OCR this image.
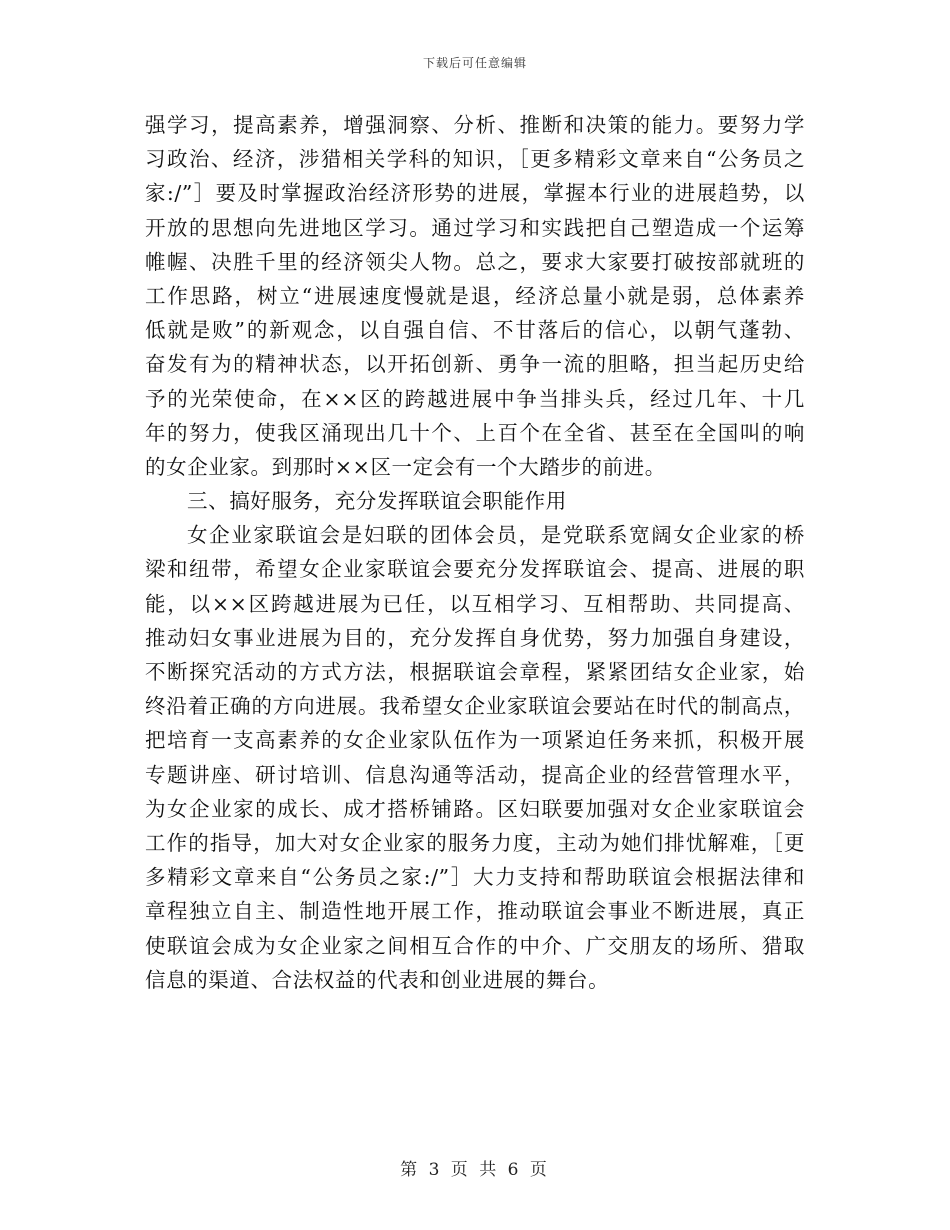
下载后可任意编辑
强学习，提高素养，增强洞察、分析、推断和决策的能力。要努力学
习政治、经济，涉猎相关学科的知识，［更多精彩文章来自“公务员之
家:/”］要及时掌握政治经济形势的进展，掌握本行业的进展趋势，以
开放的思想向先进地区学习。通过学习和实践把自己塑造成一个运筹
帷幄、决胜千里的经济领尖人物。总之，要求大家要打破按部就班的
工作思路，树立“进展速度慢就是退，经济总量小就是弱，总体素养
低就是败”的新观念，以自强自信、不甘落后的信心，以朝气蓬勃、
奋发有为的精神状态，以开拓创新、勇争一流的胆略，担当起历史给
予的光荣使命，在××区的跨越进展中争当排头兵，经过几年、十几
年的努力，使我区涌现出几十个、上百个在全省、甚至在全国叫的响
的女企业家。到那时××区一定会有一个大踏步的前进。
三、搞好服务，充分发挥联谊会职能作用
女企业家联谊会是妇联的团体会员，是党联系宽阔女企业家的桥
梁和纽带，希望女企业家联谊会要充分发挥联谊会、提高、进展的职
能，以××区跨越进展为已任，以互相学习、互相帮助、共同提高、
推动妇女事业进展为目的，充分发挥自身优势，努力加强自身建设，
不断探究活动的方式方法，根据联谊会章程，紧紧团结女企业家，始
终沿着正确的方向进展。我希望女企业家联谊会要站在时代的制高点，
把培育一支高素养的女企业家队伍作为一项紧迫任务来抓，积极开展
专题讲座、研讨培训、信息沟通等活动，提高企业的经营管理水平，
为女企业家的成长、成才搭桥铺路。区妇联要加强对女企业家联谊会
工作的指导，加大对女企业家的服务力度，主动为她们排忧解难，［更
多精彩文章来自“公务员之家:/”］大力支持和帮助联谊会根据法律和
章程独立自主、制造性地开展工作，推动联谊会事业不断进展，真正
使联谊会成为女企业家之间相互合作的中介、广交朋友的场所、猎取
信息的渠道、合法权益的代表和创业进展的舞台。
第 3 页 共 6 页
